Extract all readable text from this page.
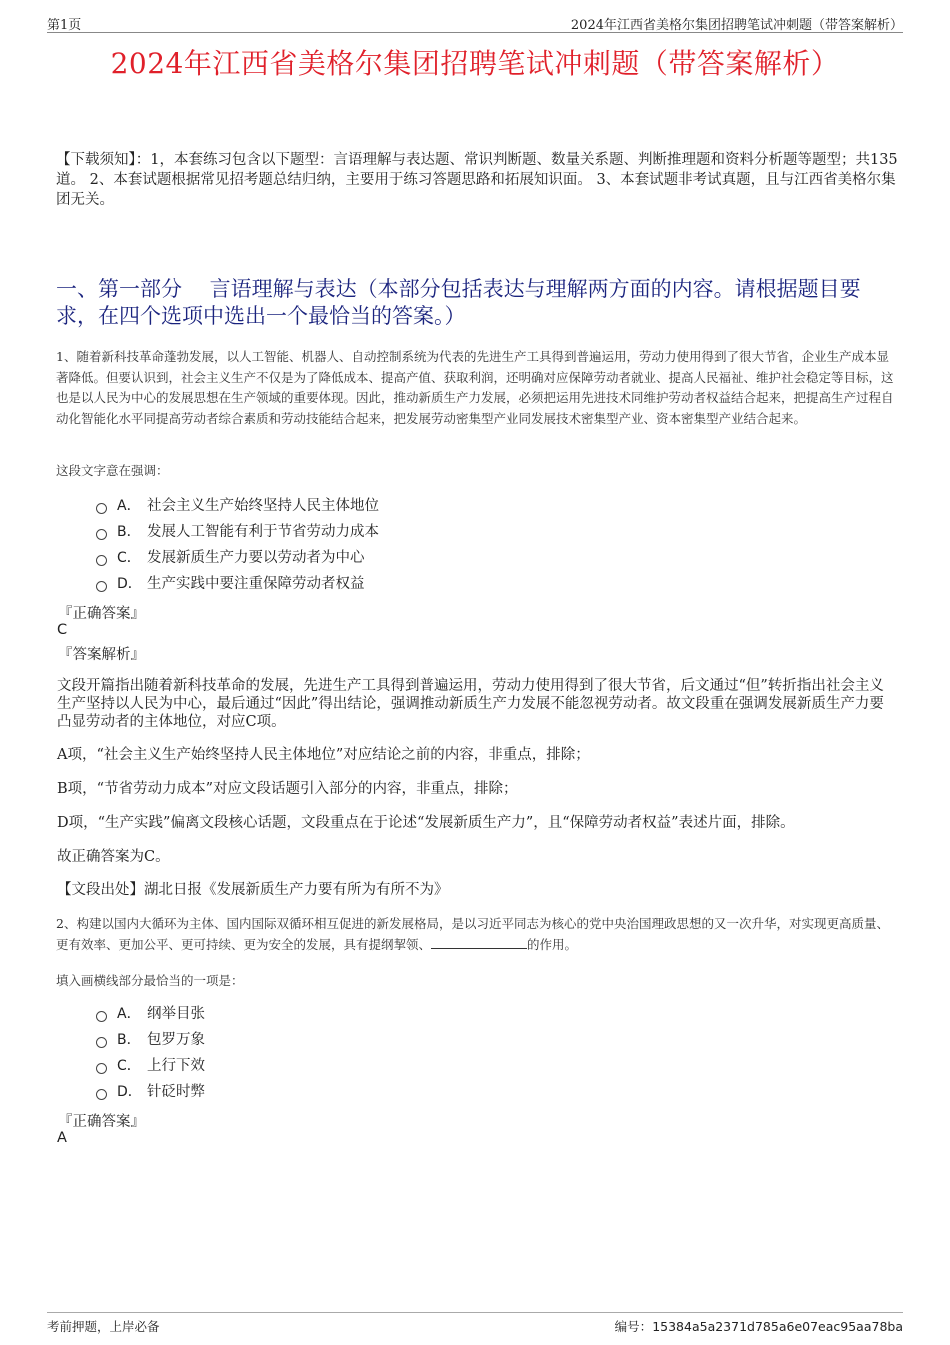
第1页	2024年江西省美格尔集团招聘笔试冲刺题（带答案解析）
2024年江西省美格尔集团招聘笔试冲刺题（带答案解析）
【下载须知】：1，本套练习包含以下题型：言语理解与表达题、常识判断题、数量关系题、判断推理题和资料分析题等题型；共135道。 2、本套试题根据常见招考题总结归纳，主要用于练习答题思路和拓展知识面。 3、本套试题非考试真题，且与江西省美格尔集团无关。
一、第一部分　 言语理解与表达（本部分包括表达与理解两方面的内容。请根据题目要求，在四个选项中选出一个最恰当的答案。）
1、随着新科技革命蓬勃发展，以人工智能、机器人、自动控制系统为代表的先进生产工具得到普遍运用，劳动力使用得到了很大节省，企业生产成本显著降低。但要认识到，社会主义生产不仅是为了降低成本、提高产值、获取利润，还明确对应保障劳动者就业、提高人民福祉、维护社会稳定等目标，这也是以人民为中心的发展思想在生产领域的重要体现。因此，推动新质生产力发展，必须把运用先进技术同维护劳动者权益结合起来，把提高生产过程自动化智能化水平同提高劳动者综合素质和劳动技能结合起来，把发展劳动密集型产业同发展技术密集型产业、资本密集型产业结合起来。
这段文字意在强调：
A． 社会主义生产始终坚持人民主体地位
B． 发展人工智能有利于节省劳动力成本
C． 发展新质生产力要以劳动者为中心
D． 生产实践中要注重保障劳动者权益
『正确答案』
C
『答案解析』
文段开篇指出随着新科技革命的发展，先进生产工具得到普遍运用，劳动力使用得到了很大节省，后文通过“但”转折指出社会主义生产坚持以人民为中心，最后通过“因此”得出结论，强调推动新质生产力发展不能忽视劳动者。故文段重在强调发展新质生产力要凸显劳动者的主体地位，对应C项。
A项，“社会主义生产始终坚持人民主体地位”对应结论之前的内容，非重点，排除；
B项，“节省劳动力成本”对应文段话题引入部分的内容，非重点，排除；
D项，“生产实践”偏离文段核心话题，文段重点在于论述“发展新质生产力”，且“保障劳动者权益”表述片面，排除。
故正确答案为C。
【文段出处】湖北日报《发展新质生产力要有所为有所不为》
2、构建以国内大循环为主体、国内国际双循环相互促进的新发展格局，是以习近平同志为核心的党中央治国理政思想的又一次升华，对实现更高质量、更有效率、更加公平、更可持续、更为安全的发展，具有提纲挈领、	的作用。
填入画横线部分最恰当的一项是：
A． 纲举目张
B． 包罗万象
C． 上行下效
D． 针砭时弊
『正确答案』
A
考前押题，上岸必备	编号：15384a5a2371d785a6e07eac95aa78ba
